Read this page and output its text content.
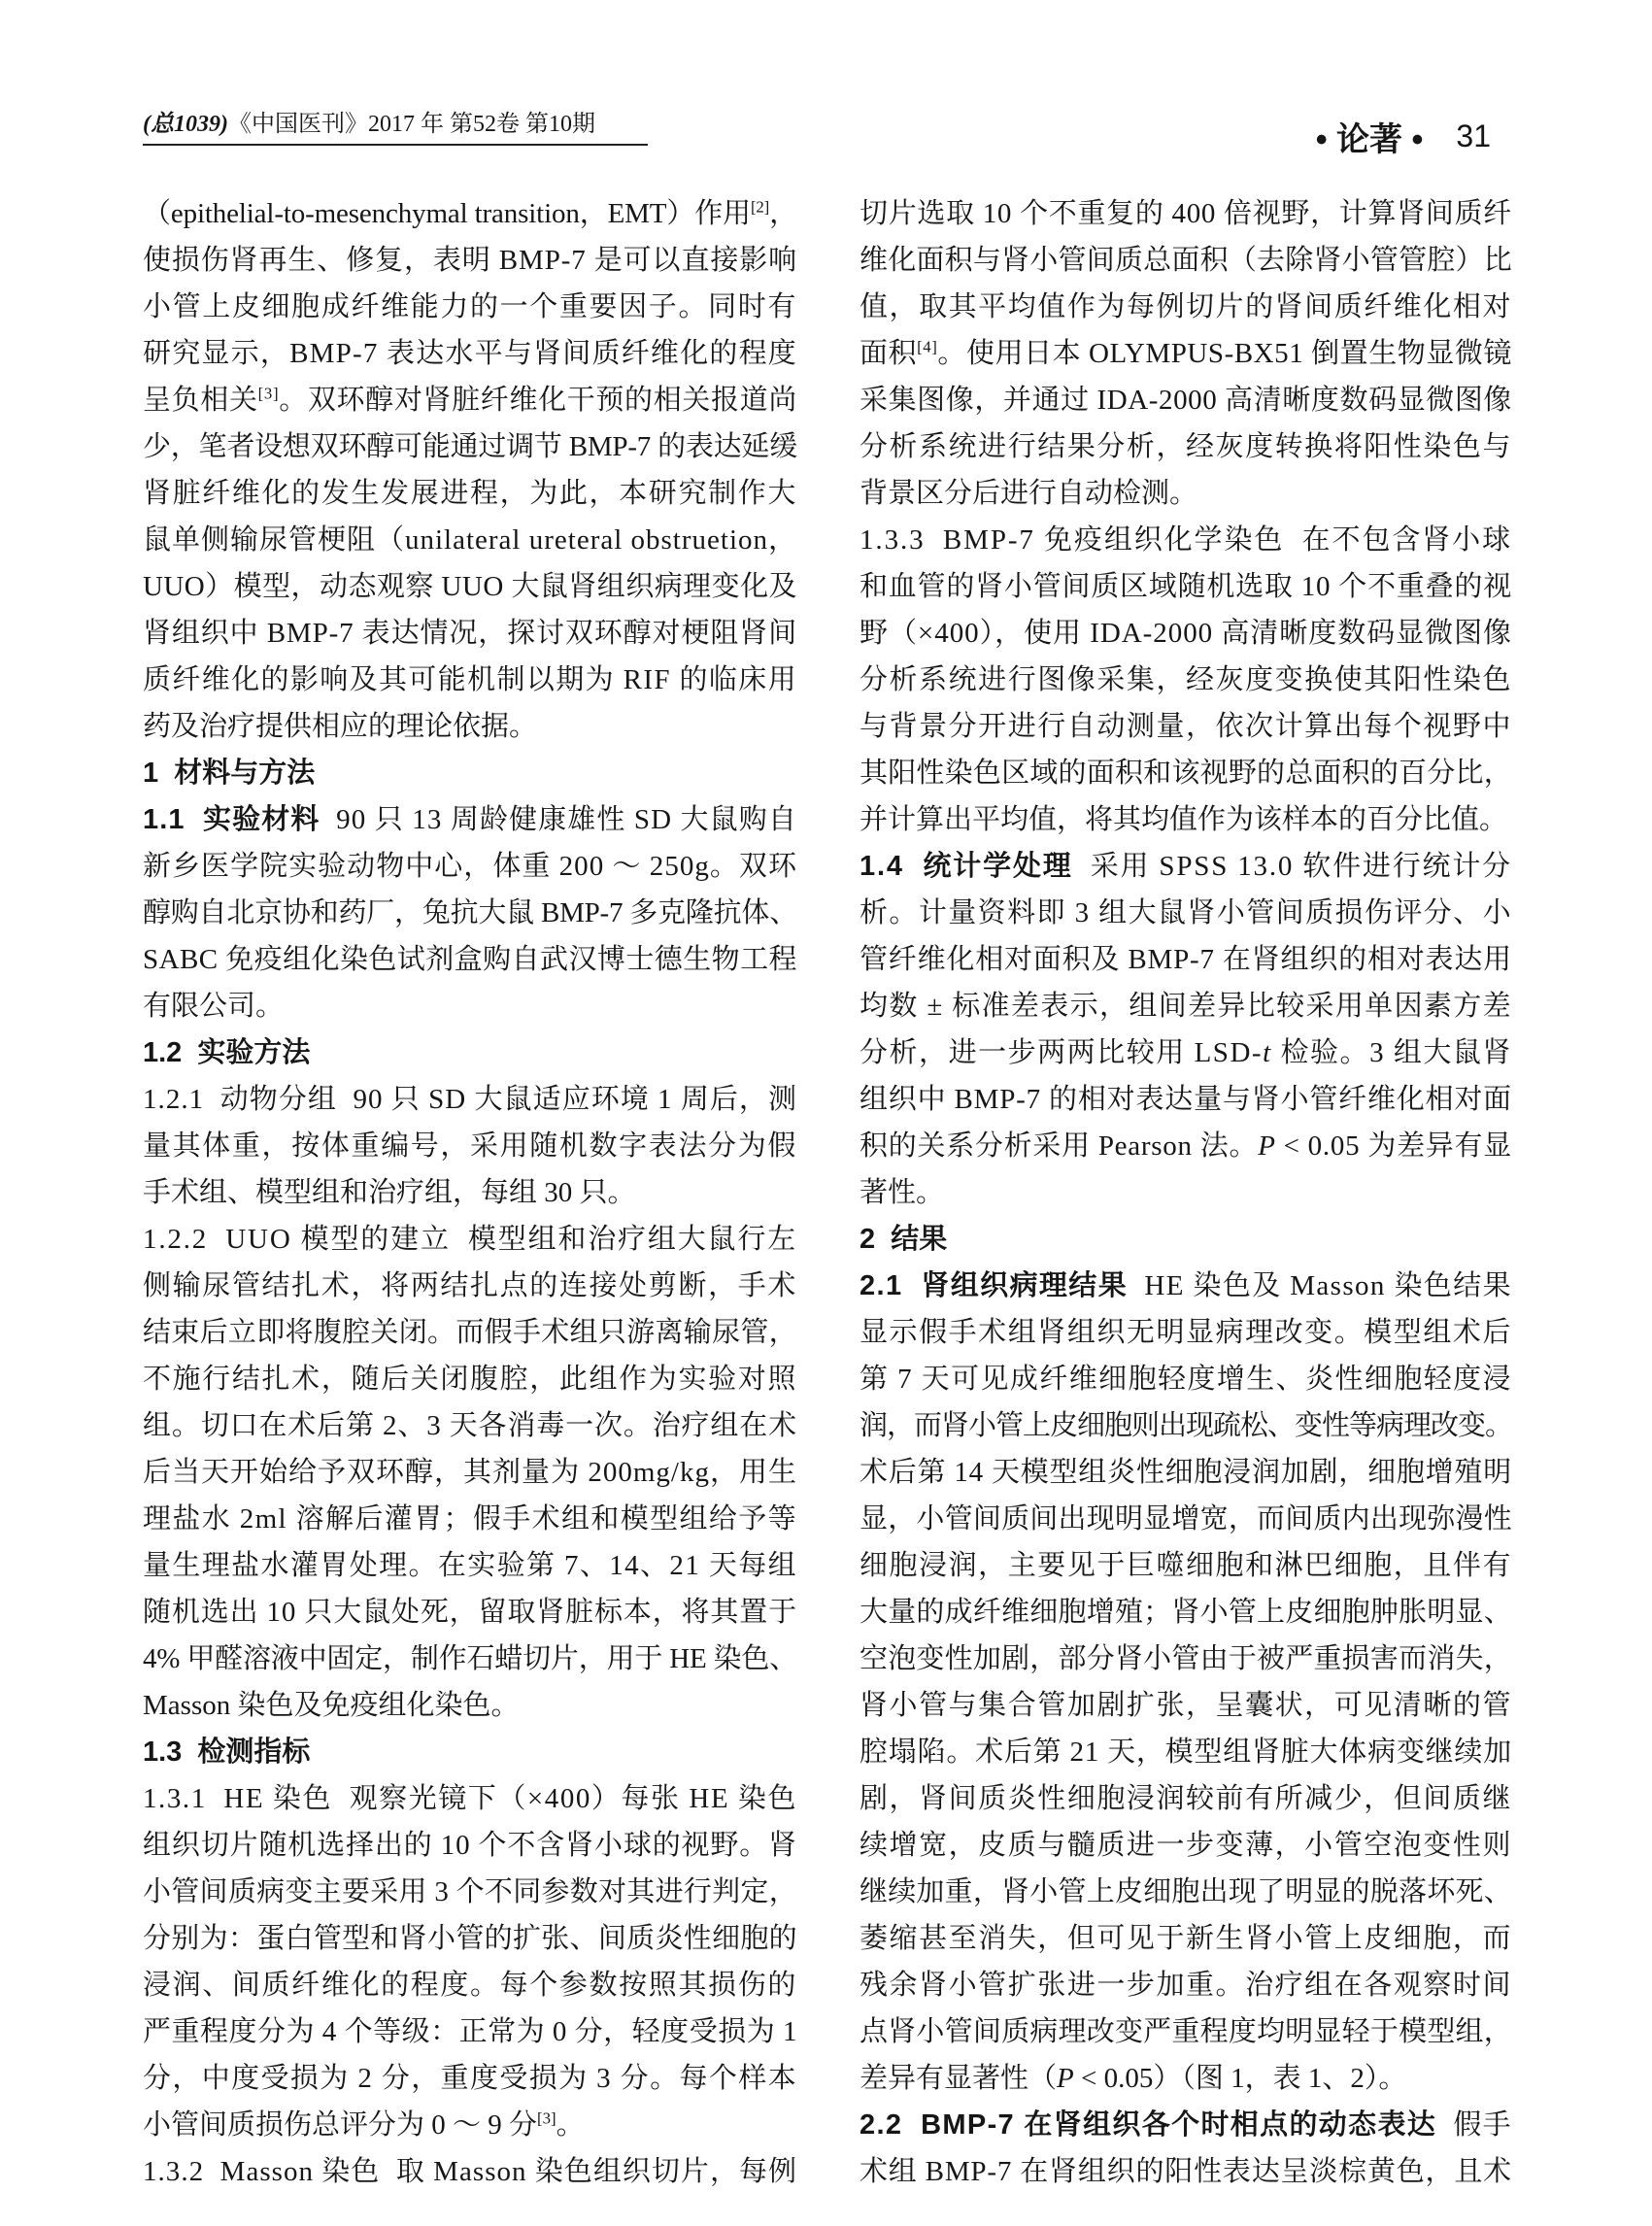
(总1039)《中国医刊》2017 年 第52卷 第10期	• 论著 • 31
（epithelial-to-mesenchymal transition，EMT）作用[2]，
使损伤肾再生、修复，表明 BMP-7 是可以直接影响
小管上皮细胞成纤维能力的一个重要因子。同时有
研究显示，BMP-7 表达水平与肾间质纤维化的程度
呈负相关[3]。双环醇对肾脏纤维化干预的相关报道尚
少，笔者设想双环醇可能通过调节 BMP-7 的表达延缓
肾脏纤维化的发生发展进程，为此，本研究制作大
鼠单侧输尿管梗阻（unilateral ureteral obstruetion，
UUO）模型，动态观察 UUO 大鼠肾组织病理变化及
肾组织中 BMP-7 表达情况，探讨双环醇对梗阻肾间
质纤维化的影响及其可能机制以期为 RIF 的临床用
药及治疗提供相应的理论依据。
1  材料与方法
1.1  实验材料  90 只 13 周龄健康雄性 SD 大鼠购自
新乡医学院实验动物中心，体重 200 ～ 250g。双环
醇购自北京协和药厂，兔抗大鼠 BMP-7 多克隆抗体、
SABC 免疫组化染色试剂盒购自武汉博士德生物工程
有限公司。
1.2  实验方法
1.2.1  动物分组  90 只 SD 大鼠适应环境 1 周后，测
量其体重，按体重编号，采用随机数字表法分为假
手术组、模型组和治疗组，每组 30 只。
1.2.2  UUO 模型的建立  模型组和治疗组大鼠行左
侧输尿管结扎术，将两结扎点的连接处剪断，手术
结束后立即将腹腔关闭。而假手术组只游离输尿管，
不施行结扎术，随后关闭腹腔，此组作为实验对照
组。切口在术后第 2、3 天各消毒一次。治疗组在术
后当天开始给予双环醇，其剂量为 200mg/kg，用生
理盐水 2ml 溶解后灌胃；假手术组和模型组给予等
量生理盐水灌胃处理。在实验第 7、14、21 天每组
随机选出 10 只大鼠处死，留取肾脏标本，将其置于
4% 甲醛溶液中固定，制作石蜡切片，用于 HE 染色、
Masson 染色及免疫组化染色。
1.3  检测指标
1.3.1  HE 染色  观察光镜下（×400）每张 HE 染色
组织切片随机选择出的 10 个不含肾小球的视野。肾
小管间质病变主要采用 3 个不同参数对其进行判定，
分别为：蛋白管型和肾小管的扩张、间质炎性细胞的
浸润、间质纤维化的程度。每个参数按照其损伤的
严重程度分为 4 个等级：正常为 0 分，轻度受损为 1
分，中度受损为 2 分，重度受损为 3 分。每个样本
小管间质损伤总评分为 0 ～ 9 分[3]。
1.3.2  Masson 染色  取 Masson 染色组织切片，每例
切片选取 10 个不重复的 400 倍视野，计算肾间质纤
维化面积与肾小管间质总面积（去除肾小管管腔）比
值，取其平均值作为每例切片的肾间质纤维化相对
面积[4]。使用日本 OLYMPUS-BX51 倒置生物显微镜
采集图像，并通过 IDA-2000 高清晰度数码显微图像
分析系统进行结果分析，经灰度转换将阳性染色与
背景区分后进行自动检测。
1.3.3  BMP-7 免疫组织化学染色  在不包含肾小球
和血管的肾小管间质区域随机选取 10 个不重叠的视
野（×400），使用 IDA-2000 高清晰度数码显微图像
分析系统进行图像采集，经灰度变换使其阳性染色
与背景分开进行自动测量，依次计算出每个视野中
其阳性染色区域的面积和该视野的总面积的百分比，
并计算出平均值，将其均值作为该样本的百分比值。
1.4  统计学处理  采用 SPSS 13.0 软件进行统计分
析。计量资料即 3 组大鼠肾小管间质损伤评分、小
管纤维化相对面积及 BMP-7 在肾组织的相对表达用
均数 ± 标准差表示，组间差异比较采用单因素方差
分析，进一步两两比较用 LSD-t 检验。3 组大鼠肾
组织中 BMP-7 的相对表达量与肾小管纤维化相对面
积的关系分析采用 Pearson 法。P < 0.05 为差异有显
著性。
2  结果
2.1  肾组织病理结果  HE 染色及 Masson 染色结果
显示假手术组肾组织无明显病理改变。模型组术后
第 7 天可见成纤维细胞轻度增生、炎性细胞轻度浸
润，而肾小管上皮细胞则出现疏松、变性等病理改变。
术后第 14 天模型组炎性细胞浸润加剧，细胞增殖明
显，小管间质间出现明显增宽，而间质内出现弥漫性
细胞浸润，主要见于巨噬细胞和淋巴细胞，且伴有
大量的成纤维细胞增殖；肾小管上皮细胞肿胀明显、
空泡变性加剧，部分肾小管由于被严重损害而消失，
肾小管与集合管加剧扩张，呈囊状，可见清晰的管
腔塌陷。术后第 21 天，模型组肾脏大体病变继续加
剧，肾间质炎性细胞浸润较前有所减少，但间质继
续增宽，皮质与髓质进一步变薄，小管空泡变性则
继续加重，肾小管上皮细胞出现了明显的脱落坏死、
萎缩甚至消失，但可见于新生肾小管上皮细胞，而
残余肾小管扩张进一步加重。治疗组在各观察时间
点肾小管间质病理改变严重程度均明显轻于模型组，
差异有显著性（P < 0.05）（图 1，表 1、2）。
2.2  BMP-7 在肾组织各个时相点的动态表达  假手
术组 BMP-7 在肾组织的阳性表达呈淡棕黄色，且术
